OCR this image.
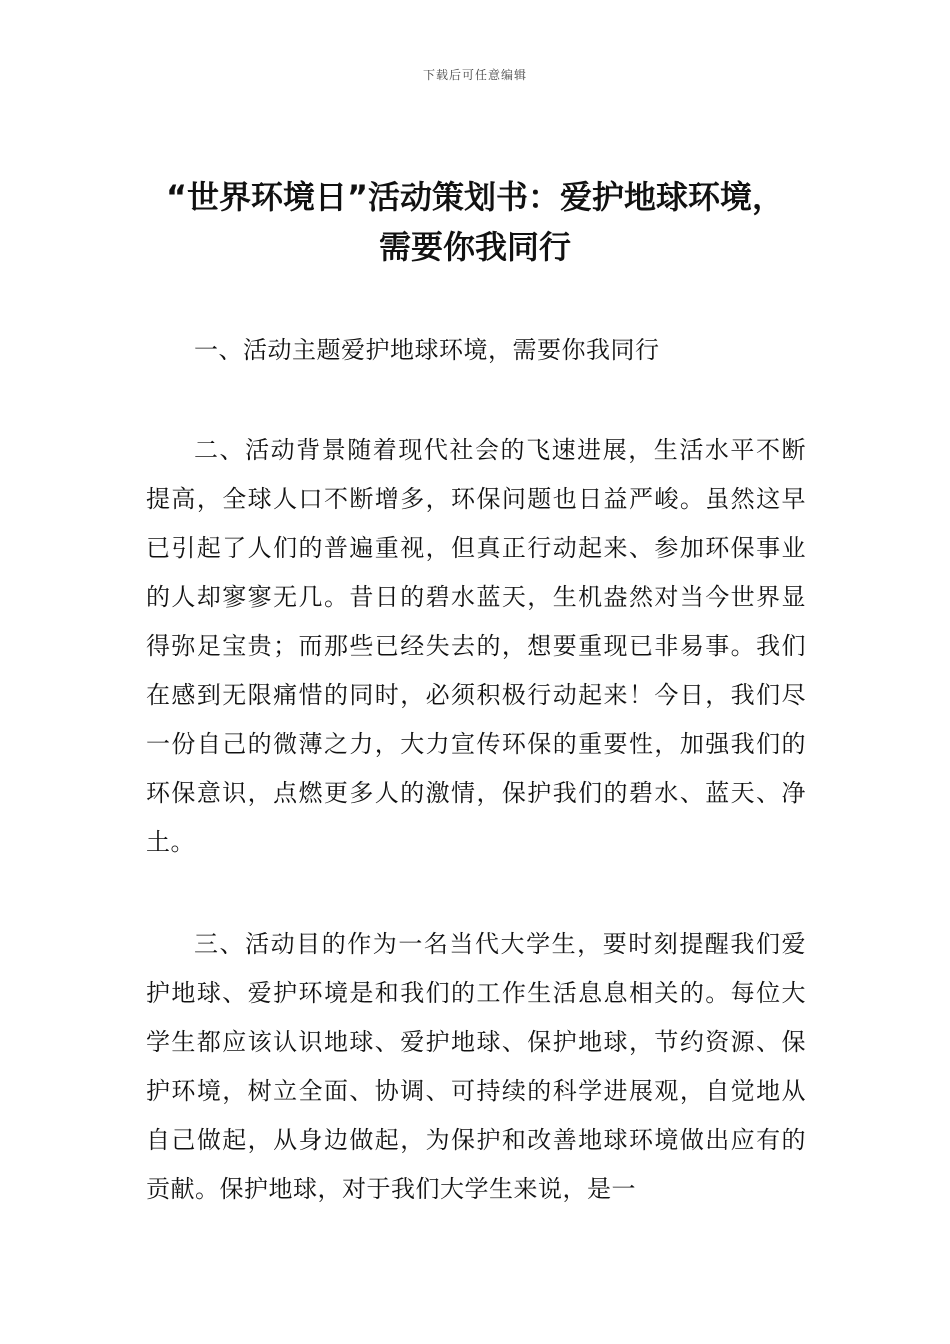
下载后可任意编辑
“世界环境日”活动策划书：爱护地球环境，需要你我同行

一、活动主题爱护地球环境，需要你我同行

二、活动背景随着现代社会的飞速进展，生活水平不断提高，全球人口不断增多，环保问题也日益严峻。虽然这早已引起了人们的普遍重视，但真正行动起来、参加环保事业的人却寥寥无几。昔日的碧水蓝天，生机盎然对当今世界显得弥足宝贵；而那些已经失去的，想要重现已非易事。我们在感到无限痛惜的同时，必须积极行动起来！今日，我们尽一份自己的微薄之力，大力宣传环保的重要性，加强我们的环保意识，点燃更多人的激情，保护我们的碧水、蓝天、净土。

三、活动目的作为一名当代大学生，要时刻提醒我们爱护地球、爱护环境是和我们的工作生活息息相关的。每位大学生都应该认识地球、爱护地球、保护地球，节约资源、保护环境，树立全面、协调、可持续的科学进展观，自觉地从自己做起，从身边做起，为保护和改善地球环境做出应有的贡献。保护地球，对于我们大学生来说，是一
